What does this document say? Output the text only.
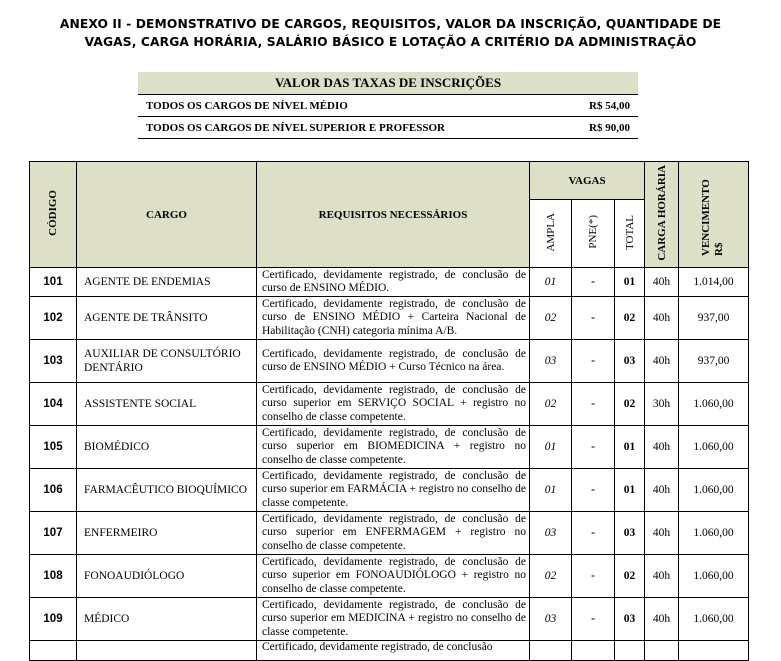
ANEXO II - DEMONSTRATIVO DE CARGOS, REQUISITOS, VALOR DA INSCRIÇÃO, QUANTIDADE DE
VAGAS, CARGA HORÁRIA, SALÁRIO BÁSICO E LOTAÇÃO A CRITÉRIO DA ADMINISTRAÇÃO
VALOR DAS TAXAS DE INSCRIÇÕES	
TODOS OS CARGOS DE NÍVEL MÉDIO	R$ 54,00
TODOS OS CARGOS DE NÍVEL SUPERIOR E PROFESSOR	R$ 90,00
CÓDIGO	CARGO	REQUISITOS NECESSÁRIOS	VAGAS			CARGA HORÁRIA	VENCIMENTO R$
			AMPLA	PNE(*)	TOTAL		
101	AGENTE DE ENDEMIAS	Certificado, devidamente registrado, de conclusão de curso de ENSINO MÉDIO.	01	-	01	40h	1.014,00
102	AGENTE DE TRÂNSITO	Certificado, devidamente registrado, de conclusão de curso de ENSINO MÉDIO + Carteira Nacional de Habilitação (CNH) categoria mínima A/B.	02	-	02	40h	937,00
103	AUXILIAR DE CONSULTÓRIO DENTÁRIO	Certificado, devidamente registrado, de conclusão de curso de ENSINO MÉDIO + Curso Técnico na área.	03	-	03	40h	937,00
104	ASSISTENTE SOCIAL	Certificado, devidamente registrado, de conclusão de curso superior em SERVIÇO SOCIAL + registro no conselho de classe competente.	02	-	02	30h	1.060,00
105	BIOMÉDICO	Certificado, devidamente registrado, de conclusão de curso superior em BIOMEDICINA + registro no conselho de classe competente.	01	-	01	40h	1.060,00
106	FARMACÊUTICO BIOQUÍMICO	Certificado, devidamente registrado, de conclusão de curso superior em FARMÁCIA + registro no conselho de classe competente.	01	-	01	40h	1.060,00
107	ENFERMEIRO	Certificado, devidamente registrado, de conclusão de curso superior em ENFERMAGEM + registro no conselho de classe competente.	03	-	03	40h	1.060,00
108	FONOAUDIÓLOGO	Certificado, devidamente registrado, de conclusão de curso superior em FONOAUDIÓLOGO + registro no conselho de classe competente.	02	-	02	40h	1.060,00
109	MÉDICO	Certificado, devidamente registrado, de conclusão de curso superior em MEDICINA + registro no conselho de classe competente.	03	-	03	40h	1.060,00
		Certificado, devidamente registrado, de conclusão					
